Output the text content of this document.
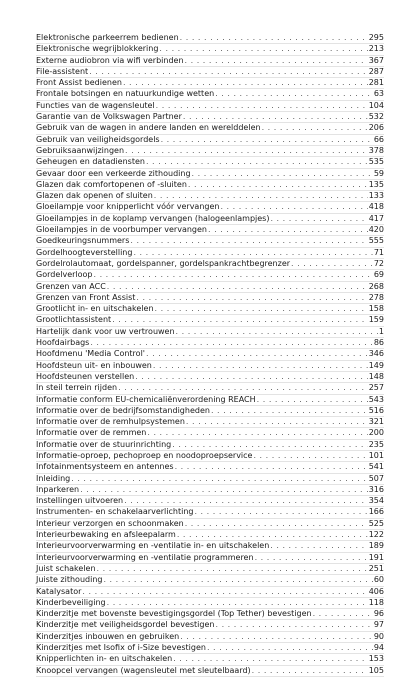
Elektronische parkeerrem bedienen . . .	295
Elektronische wegrijblokkering . . .	213
Externe audiobron via wifi verbinden . . .	367
File-assistent . . .	287
Front Assist bedienen . . .	281
Frontale botsingen en natuurkundige wetten . . .	63
Functies van de wagensleutel . . .	104
Garantie van de Volkswagen Partner . . .	532
Gebruik van de wagen in andere landen en werelddelen . . .	206
Gebruik van veiligheidsgordels . . .	66
Gebruiksaanwijzingen . . .	378
Geheugen en datadiensten . . .	535
Gevaar door een verkeerde zithouding . . .	59
Glazen dak comfortopenen of -sluiten . . .	135
Glazen dak openen of sluiten . . .	133
Gloeilampje voor knipperlicht vóór vervangen . . .	418
Gloeilampjes in de koplamp vervangen (halogeenlampjes) . . .	417
Gloeilampjes in de voorbumper vervangen . . .	420
Goedkeuringsnummers . . .	555
Gordelhoogteverstelling . . .	71
Gordelrolautomaat, gordelspanner, gordelspankrachtbegrenzer . . .	72
Gordelverloop . . .	69
Grenzen van ACC . . .	268
Grenzen van Front Assist . . .	278
Grootlicht in- en uitschakelen . . .	158
Grootlichtassistent . . .	159
Hartelijk dank voor uw vertrouwen . . .	1
Hoofdairbags . . .	86
Hoofdmenu 'Media Control' . . .	346
Hoofdsteun uit- en inbouwen . . .	149
Hoofdsteunen verstellen . . .	148
In steil terrein rijden . . .	257
Informatie conform EU-chemicaliënverordening REACH . . .	543
Informatie over de bedrijfsomstandigheden . . .	516
Informatie over de remhulpsystemen . . .	321
Informatie over de remmen . . .	200
Informatie over de stuurinrichting . . .	235
Informatie-oproep, pechoproep en noodoproepservice . . .	101
Infotainmentsysteem en antennes . . .	541
Inleiding . . .	507
Inparkeren . . .	316
Instellingen uitvoeren . . .	354
Instrumenten- en schakelaarverlichting . . .	166
Interieur verzorgen en schoonmaken . . .	525
Interieurbewaking en afsleepalarm . . .	122
Interieurvoorverwarming en -ventilatie in- en uitschakelen . . .	189
Interieurvoorverwarming en -ventilatie programmeren . . .	191
Juist schakelen . . .	251
Juiste zithouding . . .	60
Katalysator . . .	406
Kinderbeveiliging . . .	118
Kinderzitje met bovenste bevestigingsgordel (Top Tether) bevestigen . . .	96
Kinderzitje met veiligheidsgordel bevestigen . . .	97
Kinderzitjes inbouwen en gebruiken . . .	90
Kinderzitjes met Isofix of i-Size bevestigen . . .	94
Knipperlichten in- en uitschakelen . . .	153
Knoopcel vervangen (wagensleutel met sleutelbaard) . . .	105
